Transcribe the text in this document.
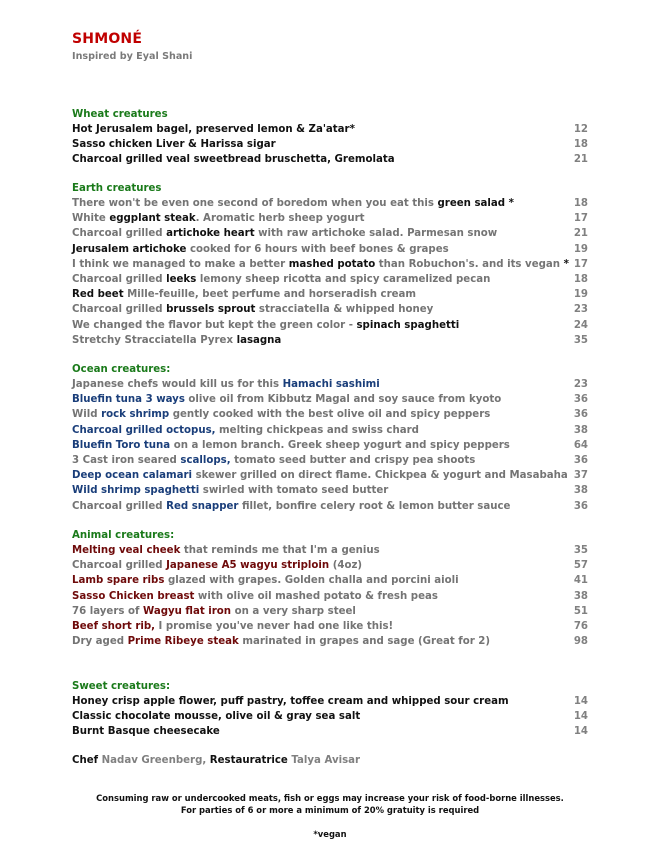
SHMONÉ
Inspired by Eyal Shani
Wheat creatures
Hot Jerusalem bagel, preserved lemon & Za'atar*	12
Sasso chicken Liver & Harissa sigar	18
Charcoal grilled veal sweetbread bruschetta, Gremolata	21
Earth creatures
There won't be even one second of boredom when you eat this green salad *	18
White eggplant steak. Aromatic herb sheep yogurt	17
Charcoal grilled artichoke heart with raw artichoke salad. Parmesan snow	21
Jerusalem artichoke cooked for 6 hours with beef bones & grapes	19
I think we managed to make a better mashed potato than Robuchon's. and its vegan * 17
Charcoal grilled leeks lemony sheep ricotta and spicy caramelized pecan	18
Red beet Mille-feuille, beet perfume and horseradish cream	19
Charcoal grilled brussels sprout stracciatella & whipped honey	23
We changed the flavor but kept the green color - spinach spaghetti	24
Stretchy Stracciatella Pyrex lasagna	35
Ocean creatures:
Japanese chefs would kill us for this Hamachi sashimi	23
Bluefin tuna 3 ways olive oil from Kibbutz Magal and soy sauce from kyoto	36
Wild rock shrimp gently cooked with the best olive oil and spicy peppers	36
Charcoal grilled octopus, melting chickpeas and swiss chard	38
Bluefin Toro tuna on a lemon branch. Greek sheep yogurt and spicy peppers	64
3 Cast iron seared scallops, tomato seed butter and crispy pea shoots	36
Deep ocean calamari skewer grilled on direct flame. Chickpea & yogurt and Masabaha 37
Wild shrimp spaghetti swirled with tomato seed butter	38
Charcoal grilled Red snapper fillet, bonfire celery root & lemon butter sauce	36
Animal creatures:
Melting veal cheek that reminds me that I'm a genius	35
Charcoal grilled Japanese A5 wagyu striploin (4oz)	57
Lamb spare ribs glazed with grapes. Golden challa and porcini aioli	41
Sasso Chicken breast with olive oil mashed potato & fresh peas	38
76 layers of Wagyu flat iron on a very sharp steel	51
Beef short rib, I promise you've never had one like this!	76
Dry aged Prime Ribeye steak marinated in grapes and sage (Great for 2)	98
Sweet creatures:
Honey crisp apple flower, puff pastry, toffee cream and whipped sour cream	14
Classic chocolate mousse, olive oil & gray sea salt	14
Burnt Basque cheesecake	14
Chef Nadav Greenberg, Restauratrice Talya Avisar
Consuming raw or undercooked meats, fish or eggs may increase your risk of food-borne illnesses.
For parties of 6 or more a minimum of 20% gratuity is required
*vegan
